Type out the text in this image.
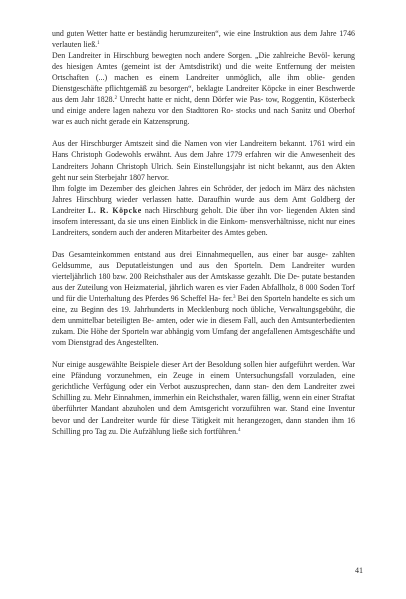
und guten Wetter hatte er beständig herumzureiten“, wie eine Instruktion aus dem Jahre 1746 verlauten ließ.$^1$
Den Landreiter in Hirschburg bewegten noch andere Sorgen. „Die zahlreiche Bevöl- kerung des hiesigen Amtes (gemeint ist der Amtsdistrikt) und die weite Entfernung der meisten Ortschaften (...) machen es einem Landreiter unmöglich, alle ihm oblie- genden Dienstgeschäfte pflichtgemäß zu besorgen“, beklagte Landreiter Köpcke in einer Beschwerde aus dem Jahr 1828.$^2$ Unrecht hatte er nicht, denn Dörfer wie Pas- tow, Roggentin, Kösterbeck und einige andere lagen nahezu vor den Stadttoren Ro- stocks und nach Sanitz und Oberhof war es auch nicht gerade ein Katzensprung.

Aus der Hirschburger Amtszeit sind die Namen von vier Landreitern bekannt. 1761 wird ein Hans Christoph Godewohls erwähnt. Aus dem Jahre 1779 erfahren wir die Anwesenheit des Landreiters Johann Christoph Ulrich. Sein Einstellungsjahr ist nicht bekannt, aus den Akten geht nur sein Sterbejahr 1807 hervor.
Ihm folgte im Dezember des gleichen Jahres ein Schröder, der jedoch im März des nächsten Jahres Hirschburg wieder verlassen hatte. Daraufhin wurde aus dem Amt Goldberg der Landreiter L. R. Köpcke nach Hirschburg geholt. Die über ihn vor- liegenden Akten sind insofern interessant, da sie uns einen Einblick in die Einkom- mensverhältnisse, nicht nur eines Landreiters, sondern auch der anderen Mitarbeiter des Amtes geben.

Das Gesamteinkommen entstand aus drei Einnahmequellen, aus einer bar ausge- zahlten Geldsumme, aus Deputatleistungen und aus den Sporteln. Dem Landreiter wurden vierteljährlich 180 bzw. 200 Reichsthaler aus der Amtskasse gezahlt. Die De- putate bestanden aus der Zuteilung von Heizmaterial, jährlich waren es vier Faden Abfallholz, 8 000 Soden Torf und für die Unterhaltung des Pferdes 96 Scheffel Ha- fer.$^3$ Bei den Sporteln handelte es sich um eine, zu Beginn des 19. Jahrhunderts in Mecklenburg noch übliche, Verwaltungsgebühr, die dem unmittelbar beteiligten Be- amten, oder wie in diesem Fall, auch den Amtsunterbedienten zukam. Die Höhe der Sporteln war abhängig vom Umfang der angefallenen Amtsgeschäfte und vom Dienstgrad des Angestellten.

Nur einige ausgewählte Beispiele dieser Art der Besoldung sollen hier aufgeführt werden. War eine Pfändung vorzunehmen, ein Zeuge in einem Untersuchungsfall vorzuladen, eine gerichtliche Verfügung oder ein Verbot auszusprechen, dann stan- den dem Landreiter zwei Schilling zu. Mehr Einnahmen, immerhin ein Reichsthaler, waren fällig, wenn ein einer Straftat überführter Mandant abzuholen und dem Amtsgericht vorzuführen war. Stand eine Inventur bevor und der Landreiter wurde für diese Tätigkeit mit herangezogen, dann standen ihm 16 Schilling pro Tag zu. Die Aufzählung ließe sich fortführen.$^4$

41
